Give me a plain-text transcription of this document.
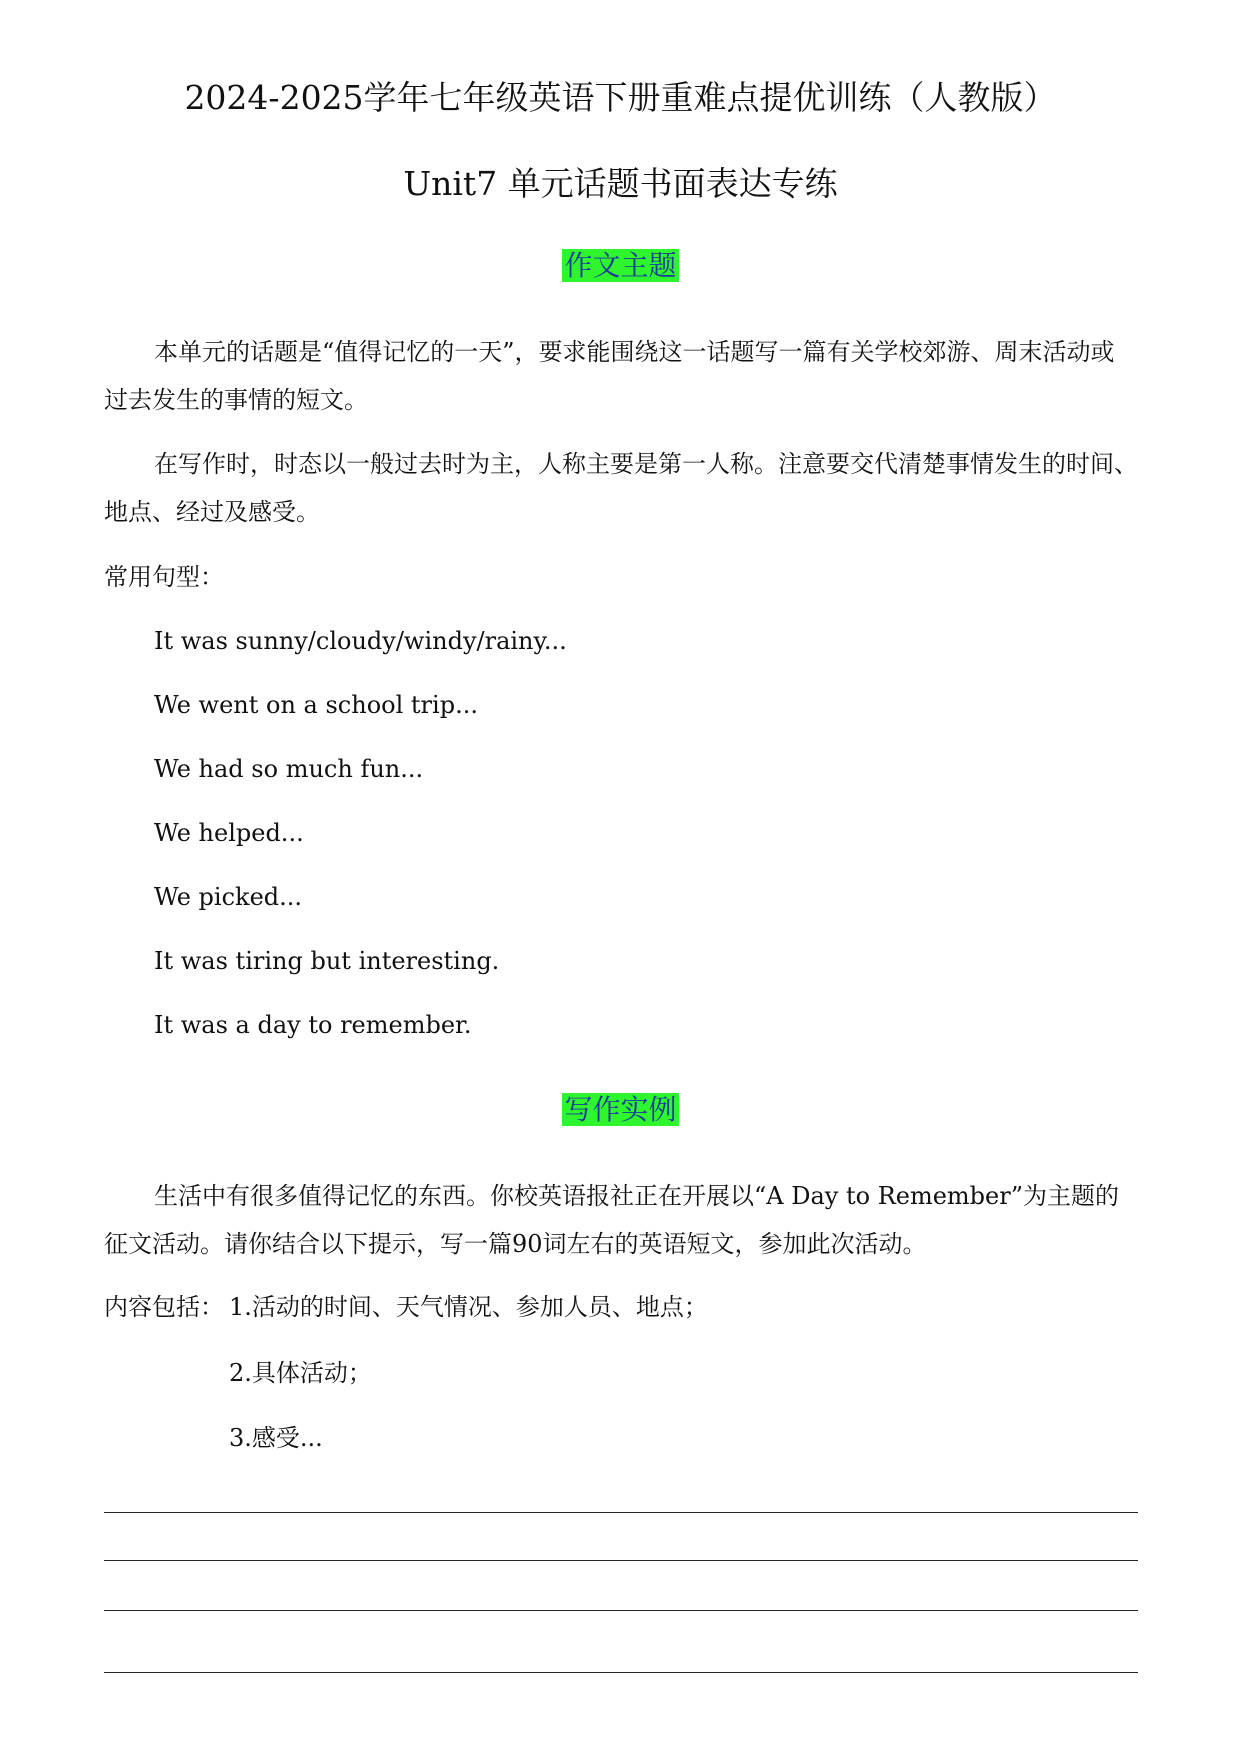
2024-2025学年七年级英语下册重难点提优训练（人教版）
Unit7 单元话题书面表达专练
作文主题
本单元的话题是“值得记忆的一天”，要求能围绕这一话题写一篇有关学校郊游、周末活动或过去发生的事情的短文。
在写作时，时态以一般过去时为主，人称主要是第一人称。注意要交代清楚事情发生的时间、地点、经过及感受。
常用句型：
It was sunny/cloudy/windy/rainy...
We went on a school trip...
We had so much fun...
We helped...
We picked...
It was tiring but interesting.
It was a day to remember.
写作实例
生活中有很多值得记忆的东西。你校英语报社正在开展以“A Day to Remember”为主题的征文活动。请你结合以下提示，写一篇90词左右的英语短文，参加此次活动。
内容包括： 1.活动的时间、天气情况、参加人员、地点；
2.具体活动；
3.感受...
